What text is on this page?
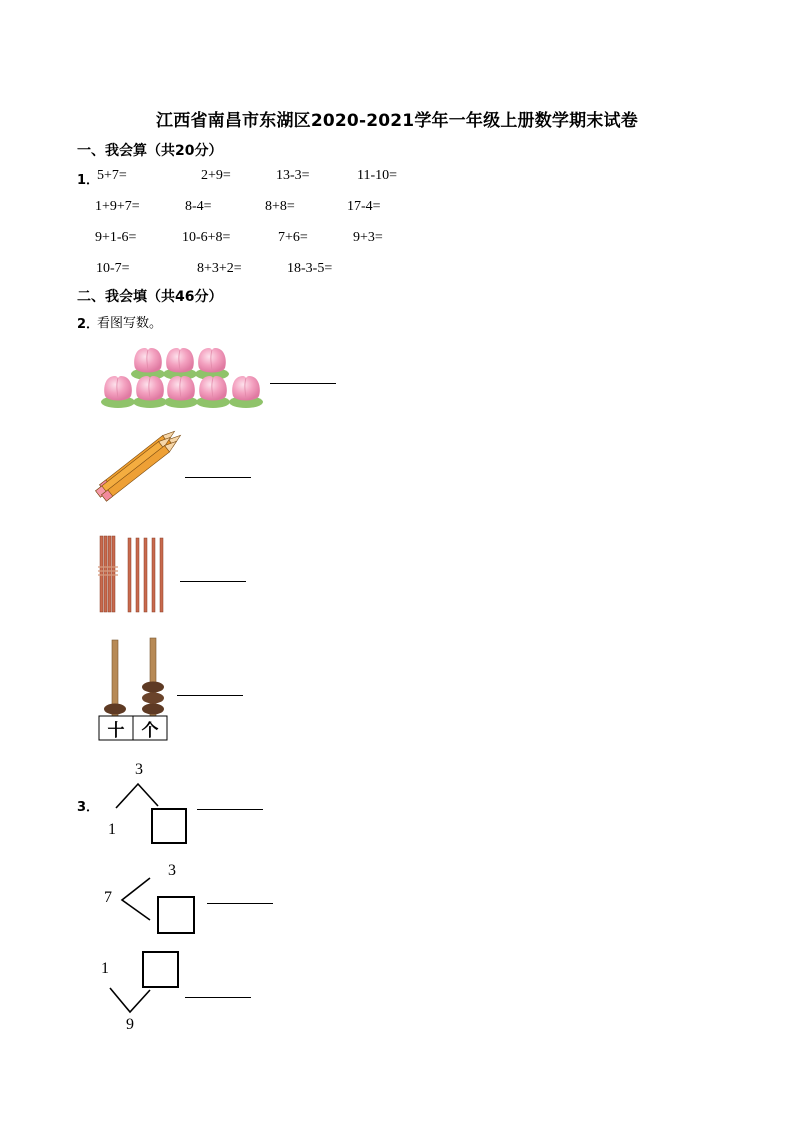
江西省南昌市东湖区2020-2021学年一年级上册数学期末试卷
一、我会算（共20分）
1．
5+7=	2+9=	13-3=	11-10=
1+9+7=	8-4=	8+8=	17-4=
9+1-6=	10-6+8=	7+6=	9+3=
10-7=	8+3+2=	18-3-5=
二、我会填（共46分）
2．
看图写数。
十	个
3．
3
1
7
3
1
9
